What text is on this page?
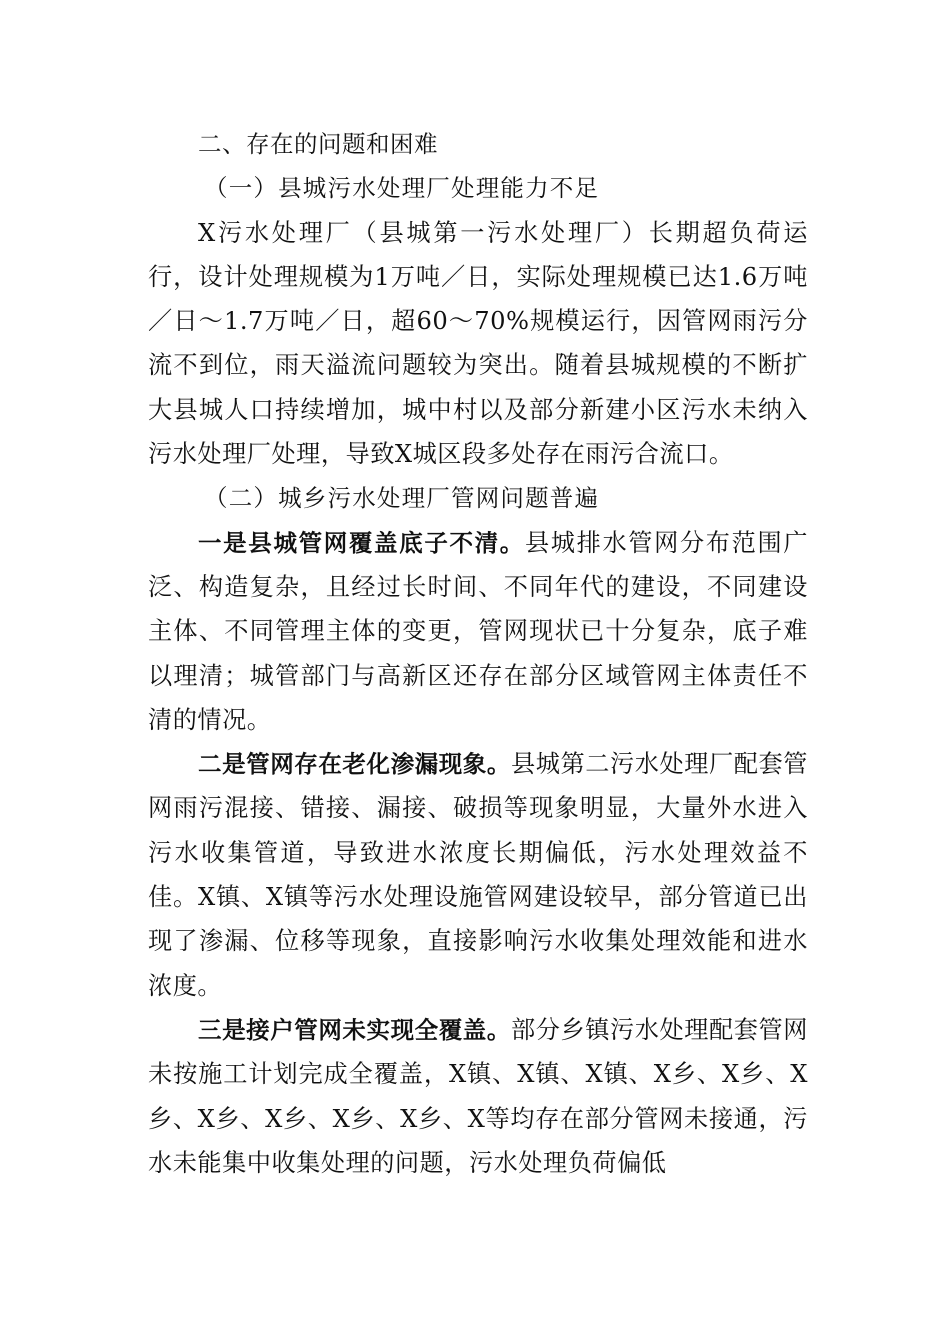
二、存在的问题和困难

（一）县城污水处理厂处理能力不足

X污水处理厂（县城第一污水处理厂）长期超负荷运行，设计处理规模为1万吨／日，实际处理规模已达1.6万吨／日～1.7万吨／日，超60～70%规模运行，因管网雨污分流不到位，雨天溢流问题较为突出。随着县城规模的不断扩大县城人口持续增加，城中村以及部分新建小区污水未纳入污水处理厂处理，导致X城区段多处存在雨污合流口。

（二）城乡污水处理厂管网问题普遍

一是县城管网覆盖底子不清。县城排水管网分布范围广泛、构造复杂，且经过长时间、不同年代的建设，不同建设主体、不同管理主体的变更，管网现状已十分复杂，底子难以理清；城管部门与高新区还存在部分区域管网主体责任不清的情况。

二是管网存在老化渗漏现象。县城第二污水处理厂配套管网雨污混接、错接、漏接、破损等现象明显，大量外水进入污水收集管道，导致进水浓度长期偏低，污水处理效益不佳。X镇、X镇等污水处理设施管网建设较早，部分管道已出现了渗漏、位移等现象，直接影响污水收集处理效能和进水浓度。

三是接户管网未实现全覆盖。部分乡镇污水处理配套管网未按施工计划完成全覆盖，X镇、X镇、X镇、X乡、X乡、X乡、X乡、X乡、X乡、X乡、X等均存在部分管网未接通，污水未能集中收集处理的问题，污水处理负荷偏低
